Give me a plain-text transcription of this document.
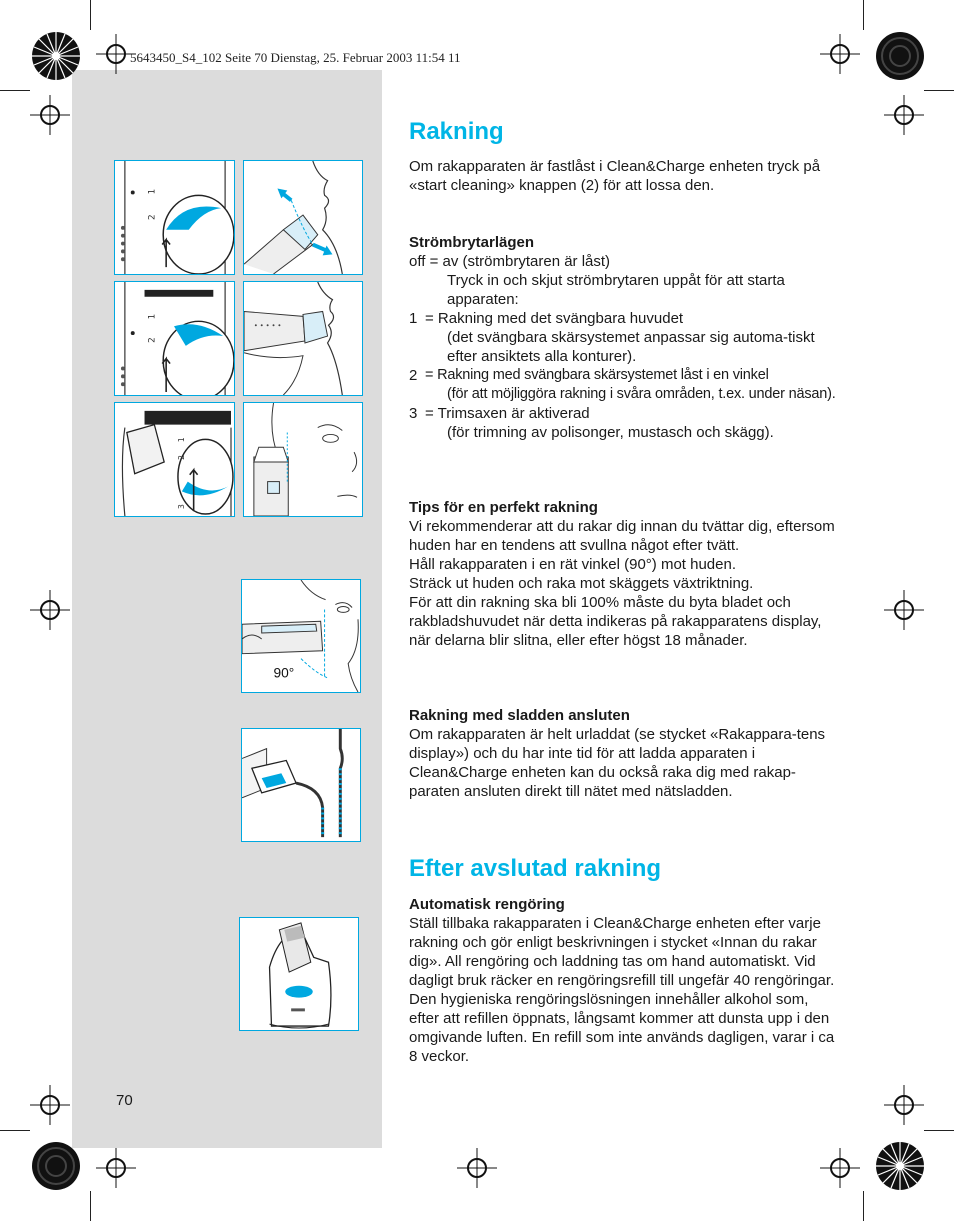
5643450_S4_102 Seite 70 Dienstag, 25. Februar 2003 11:54 11
1
2
1
2
1
2
3
90°
Rakning

Om rakapparaten är fastlåst i Clean&Charge enheten tryck på «start cleaning» knappen (2) för att lossa den.

Strömbrytarlägen

off = av (strömbrytaren är låst)

Tryck in och skjut strömbrytaren uppåt för att starta apparaten:

1 = Rakning med det svängbara huvudet

(det svängbara skärsystemet anpassar sig automa-tiskt efter ansiktets alla konturer).

2 = Rakning med svängbara skärsystemet låst i en vinkel

(för att möjliggöra rakning i svåra områden, t.ex. under näsan).

3 = Trimsaxen är aktiverad

(för trimning av polisonger, mustasch och skägg).

Tips för en perfekt rakning

Vi rekommenderar att du rakar dig innan du tvättar dig, eftersom huden har en tendens att svullna något efter tvätt.

Håll rakapparaten i en rät vinkel (90°) mot huden.

Sträck ut huden och raka mot skäggets växtriktning.

För att din rakning ska bli 100% måste du byta bladet och rakbladshuvudet när detta indikeras på rakapparatens display, när delarna blir slitna, eller efter högst 18 månader.

Rakning med sladden ansluten

Om rakapparaten är helt urladdat (se stycket «Rakappara-tens display») och du har inte tid för att ladda apparaten i Clean&Charge enheten kan du också raka dig med rakap-paraten ansluten direkt till nätet med nätsladden.

Efter avslutad rakning
Automatisk rengöring

Ställ tillbaka rakapparaten i Clean&Charge enheten efter varje rakning och gör enligt beskrivningen i stycket «Innan du rakar dig». All rengöring och laddning tas om hand automatiskt. Vid dagligt bruk räcker en rengöringsrefill till ungefär 40 rengöringar.

Den hygieniska rengöringslösningen innehåller alkohol som, efter att refillen öppnats, långsamt kommer att dunsta upp i den omgivande luften. En refill som inte används dagligen, varar i ca 8 veckor.

70
